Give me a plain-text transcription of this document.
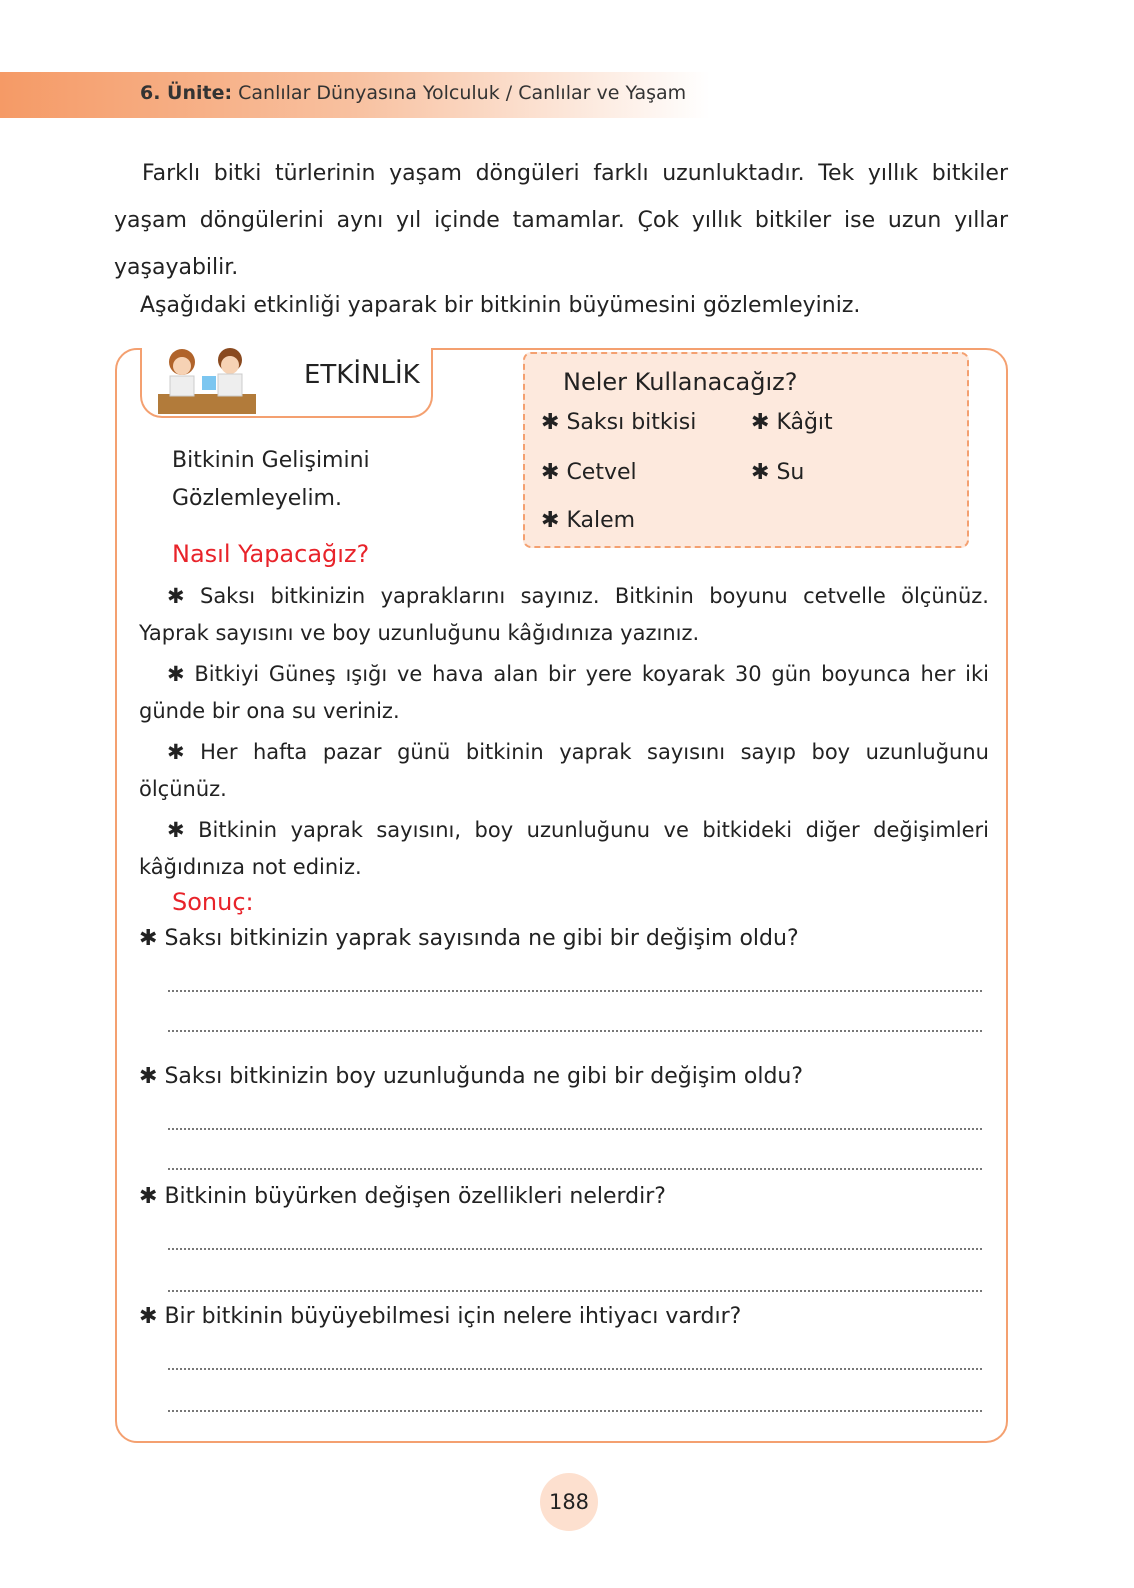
6. Ünite: Canlılar Dünyasına Yolculuk / Canlılar ve Yaşam
Farklı bitki türlerinin yaşam döngüleri farklı uzunluktadır. Tek yıllık bitkiler yaşam döngülerini aynı yıl içinde tamamlar. Çok yıllık bitkiler ise uzun yıllar yaşayabilir.
Aşağıdaki etkinliği yaparak bir bitkinin büyümesini gözlemleyiniz.
ETKİNLİK
Bitkinin Gelişimini
Gözlemleyelim.
Neler Kullanacağız?
✱ Saksı bitkisi ✱ Kâğıt
✱ Cetvel	✱ Su
✱ Kalem
Nasıl Yapacağız?
✱ Saksı bitkinizin yapraklarını sayınız. Bitkinin boyunu cetvelle ölçünüz. Yaprak sayısını ve boy uzunluğunu kâğıdınıza yazınız.
✱ Bitkiyi Güneş ışığı ve hava alan bir yere koyarak 30 gün boyunca her iki günde bir ona su veriniz.
✱ Her hafta pazar günü bitkinin yaprak sayısını sayıp boy uzunluğunu ölçünüz.
✱ Bitkinin yaprak sayısını, boy uzunluğunu ve bitkideki diğer değişimleri kâğıdınıza not ediniz.
Sonuç:
✱ Saksı bitkinizin yaprak sayısında ne gibi bir değişim oldu?
✱ Saksı bitkinizin boy uzunluğunda ne gibi bir değişim oldu?
✱ Bitkinin büyürken değişen özellikleri nelerdir?
✱ Bir bitkinin büyüyebilmesi için nelere ihtiyacı vardır?
188
